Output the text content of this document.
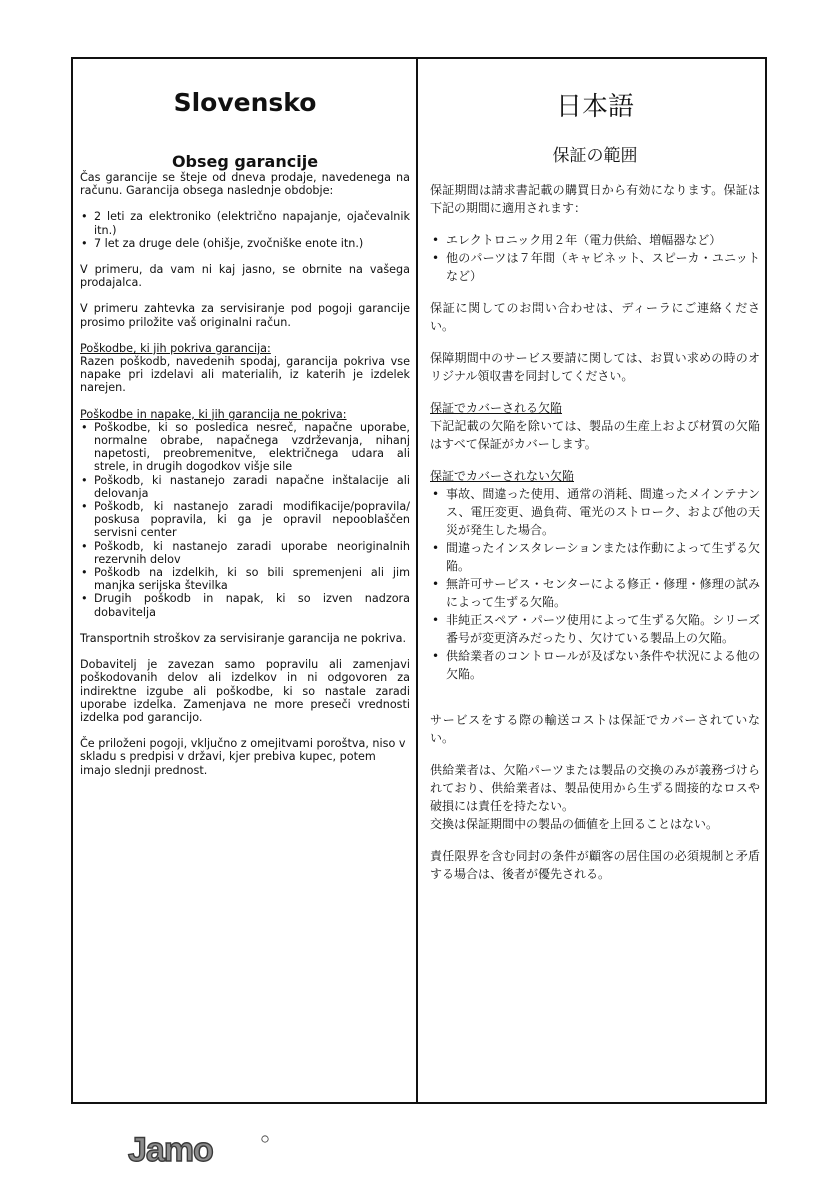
Slovensko
Obseg garancije

Čas garancije se šteje od dneva prodaje, navedenega na računu. Garancija obsega naslednje obdobje:

• 2 leti za elektroniko (električno napajanje, ojačevalnik itn.)
• 7 let za druge dele (ohišje, zvočniške enote itn.)

V primeru, da vam ni kaj jasno, se obrnite na vašega prodajalca.

V primeru zahtevka za servisiranje pod pogoji garancije prosimo priložite vaš originalni račun.

Poškodbe, ki jih pokriva garancija:

Razen poškodb, navedenih spodaj, garancija pokriva vse napake pri izdelavi ali materialih, iz katerih je izdelek narejen.

Poškodbe in napake, ki jih garancija ne pokriva:

• Poškodbe, ki so posledica nesreč, napačne uporabe, normalne obrabe, napačnega vzdrževanja, nihanj napetosti, preobremenitve, električnega udara ali strele, in drugih dogodkov višje sile
• Poškodb, ki nastanejo zaradi napačne inštalacije ali delovanja
• Poškodb, ki nastanejo zaradi modifikacije/popravila/ poskusa popravila, ki ga je opravil nepooblaščen servisni center
• Poškodb, ki nastanejo zaradi uporabe neoriginalnih rezervnih delov
• Poškodb na izdelkih, ki so bili spremenjeni ali jim manjka serijska številka
• Drugih poškodb in napak, ki so izven nadzora dobavitelja

Transportnih stroškov za servisiranje garancija ne pokriva.

Dobavitelj je zavezan samo popravilu ali zamenjavi poškodovanih delov ali izdelkov in ni odgovoren za indirektne izgube ali poškodbe, ki so nastale zaradi uporabe izdelka. Zamenjava ne more preseči vrednosti izdelka pod garancijo.

Če priloženi pogoji, vključno z omejitvami poroštva, niso v skladu s predpisi v državi, kjer prebiva kupec, potem imajo slednji prednost.

日本語
保証の範囲

保証期間は請求書記載の購買日から有効になります。保証は下記の期間に適用されます：

• エレクトロニック用２年（電力供給、増幅器など）
• 他のパーツは７年間（キャビネット、スピーカ・ユニットなど）

保証に関してのお問い合わせは、ディーラにご連絡ください。

保障期間中のサービス要請に関しては、お買い求めの時のオリジナル領収書を同封してください。

保証でカバーされる欠陥

下記記載の欠陥を除いては、製品の生産上および材質の欠陥はすべて保証がカバーします。

保証でカバーされない欠陥

• 事故、間違った使用、通常の消耗、間違ったメインテナンス、電圧変更、過負荷、電光のストローク、および他の天災が発生した場合。
• 間違ったインスタレーションまたは作動によって生ずる欠陥。
• 無許可サービス・センターによる修正・修理・修理の試みによって生ずる欠陥。
• 非純正スペア・パーツ使用によって生ずる欠陥。シリーズ番号が変更済みだったり、欠けている製品上の欠陥。
• 供給業者のコントロールが及ばない条件や状況による他の欠陥。

サービスをする際の輸送コストは保証でカバーされていない。

供給業者は、欠陥パーツまたは製品の交換のみが義務づけられており、供給業者は、製品使用から生ずる間接的なロスや破損には責任を持たない。

交換は保証期間中の製品の価値を上回ることはない。

責任限界を含む同封の条件が顧客の居住国の必須規制と矛盾する場合は、後者が優先される。

Jamo
